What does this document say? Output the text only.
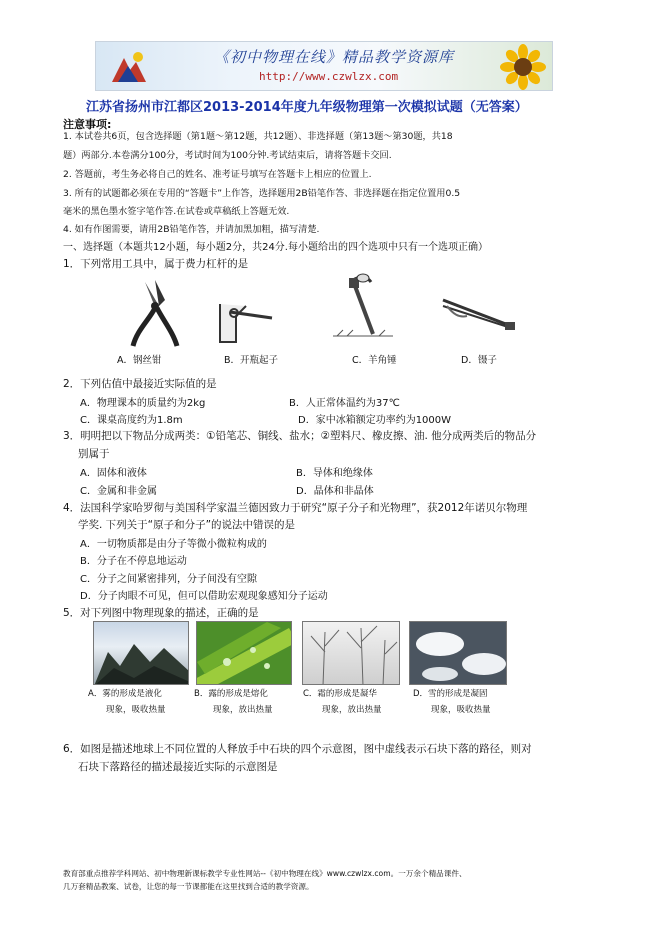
《初中物理在线》精品教学资源库
http://www.czwlzx.com
江苏省扬州市江都区2013-2014年度九年级物理第一次模拟试题（无答案）
注意事项:
1. 本试卷共6页，包含选择题（第1题～第12题，共12题）、非选择题（第13题～第30题，共18
题）两部分.本卷满分100分，考试时间为100分钟.考试结束后，请将答题卡交回.
2. 答题前，考生务必将自己的姓名、准考证号填写在答题卡上相应的位置上.
3. 所有的试题都必须在专用的“答题卡”上作答，选择题用2B铅笔作答、非选择题在指定位置用0.5
毫米的黑色墨水签字笔作答.在试卷或草稿纸上答题无效.
4. 如有作图需要，请用2B铅笔作答，并请加黑加粗，描写清楚.
一、选择题（本题共12小题，每小题2分，共24分.每小题给出的四个选项中只有一个选项正确）
1．下列常用工具中，属于费力杠杆的是
A．钢丝钳	B．开瓶起子	C．羊角锤	D．镊子
2．下列估值中最接近实际值的是
A．物理课本的质量约为2kg	B．人正常体温约为37℃
C．课桌高度约为1.8m	D．家中冰箱额定功率约为1000W
3．明明把以下物品分成两类：①铅笔芯、铜线、盐水；②塑料尺、橡皮擦、油. 他分成两类后的物品分
别属于
A．固体和液体	B．导体和绝缘体
C．金属和非金属	D．晶体和非晶体
4．法国科学家哈罗彻与美国科学家温兰德因致力于研究“原子分子和光物理”，获2012年诺贝尔物理
学奖. 下列关于“原子和分子”的说法中错误的是
A．一切物质都是由分子等微小微粒构成的
B．分子在不停息地运动
C．分子之间紧密排列，分子间没有空隙
D．分子肉眼不可见，但可以借助宏观现象感知分子运动
5．对下列图中物理现象的描述，正确的是
A．雾的形成是液化
现象，吸收热量
B．露的形成是熔化
现象，放出热量
C．霜的形成是凝华
现象，放出热量
D．雪的形成是凝固
现象，吸收热量
6．如图是描述地球上不同位置的人释放手中石块的四个示意图，图中虚线表示石块下落的路径，则对
石块下落路径的描述最接近实际的示意图是
教育部重点推荐学科网站、初中物理新课标教学专业性网站--《初中物理在线》www.czwlzx.com。一万余个精品课件、
几万套精品教案、试卷，让您的每一节课都能在这里找到合适的教学资源。
